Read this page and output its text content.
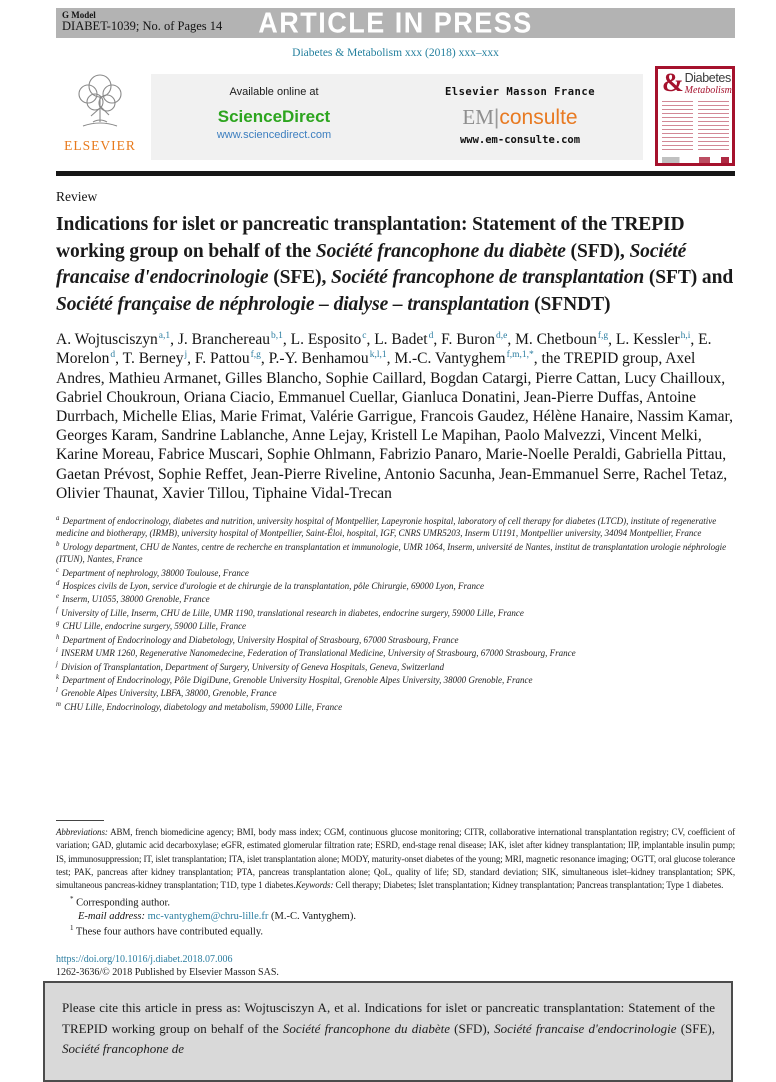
G Model
DIABET-1039; No. of Pages 14	ARTICLE IN PRESS
Diabetes & Metabolism xxx (2018) xxx–xxx
ELSEVIER
Available online at
ScienceDirect
www.sciencedirect.com
Elsevier Masson France
EM|consulte
www.em-consulte.com
& Diabetes
Metabolism
Review
Indications for islet or pancreatic transplantation: Statement of the TREPID working group on behalf of the Société francophone du diabète (SFD), Société francaise d'endocrinologie (SFE), Société francophone de transplantation (SFT) and Société française de néphrologie – dialyse – transplantation (SFNDT)
A. Wojtusciszyn$^{a,1}$, J. Branchereau$^{b,1}$, L. Esposito$^c$, L. Badet$^d$, F. Buron$^{d,e}$, M. Chetboun$^{f,g}$, L. Kessler$^{h,i}$, E. Morelon$^d$, T. Berney$^j$, F. Pattou$^{f,g}$, P.-Y. Benhamou$^{k,l,1}$, M.-C. Vantyghem$^{f,m,1,*}$, the TREPID group, Axel Andres, Mathieu Armanet, Gilles Blancho, Sophie Caillard, Bogdan Catargi, Pierre Cattan, Lucy Chailloux, Gabriel Choukroun, Oriana Ciacio, Emmanuel Cuellar, Gianluca Donatini, Jean-Pierre Duffas, Antoine Durrbach, Michelle Elias, Marie Frimat, Valérie Garrigue, Francois Gaudez, Hélène Hanaire, Nassim Kamar, Georges Karam, Sandrine Lablanche, Anne Lejay, Kristell Le Mapihan, Paolo Malvezzi, Vincent Melki, Karine Moreau, Fabrice Muscari, Sophie Ohlmann, Fabrizio Panaro, Marie-Noelle Peraldi, Gabriella Pittau, Gaetan Prévost, Sophie Reffet, Jean-Pierre Riveline, Antonio Sacunha, Jean-Emmanuel Serre, Rachel Tetaz, Olivier Thaunat, Xavier Tillou, Tiphaine Vidal-Trecan
$^a$ Department of endocrinology, diabetes and nutrition, university hospital of Montpellier, Lapeyronie hospital, laboratory of cell therapy for diabetes (LTCD), institute of regenerative medicine and biotherapy, (IRMB), university hospital of Montpellier, Saint-Éloi, hospital, IGF, CNRS UMR5203, Inserm U1191, Montpellier university, 34094 Montpellier, France
$^b$ Urology department, CHU de Nantes, centre de recherche en transplantation et immunologie, UMR 1064, Inserm, université de Nantes, institut de transplantation urologie néphrologie (ITUN), Nantes, France
$^c$ Department of nephrology, 38000 Toulouse, France
$^d$ Hospices civils de Lyon, service d'urologie et de chirurgie de la transplantation, pôle Chirurgie, 69000 Lyon, France
$^e$ Inserm, U1055, 38000 Grenoble, France
$^f$ University of Lille, Inserm, CHU de Lille, UMR 1190, translational research in diabetes, endocrine surgery, 59000 Lille, France
$^g$ CHU Lille, endocrine surgery, 59000 Lille, France
$^h$ Department of Endocrinology and Diabetology, University Hospital of Strasbourg, 67000 Strasbourg, France
$^i$ INSERM UMR 1260, Regenerative Nanomedecine, Federation of Translational Medicine, University of Strasbourg, 67000 Strasbourg, France
$^j$ Division of Transplantation, Department of Surgery, University of Geneva Hospitals, Geneva, Switzerland
$^k$ Department of Endocrinology, Pôle DigiDune, Grenoble University Hospital, Grenoble Alpes University, 38000 Grenoble, France
$^l$ Grenoble Alpes University, LBFA, 38000, Grenoble, France
$^m$ CHU Lille, Endocrinology, diabetology and metabolism, 59000 Lille, France
Abbreviations: ABM, french biomedicine agency; BMI, body mass index; CGM, continuous glucose monitoring; CITR, collaborative international transplantation registry; CV, coefficient of variation; GAD, glutamic acid decarboxylase; eGFR, estimated glomerular filtration rate; ESRD, end-stage renal disease; IAK, islet after kidney transplantation; IIP, implantable insulin pump; IS, immunosuppression; IT, islet transplantation; ITA, islet transplantation alone; MODY, maturity-onset diabetes of the young; MRI, magnetic resonance imaging; OGTT, oral glucose tolerance test; PAK, pancreas after kidney transplantation; PTA, pancreas transplantation alone; QoL, quality of life; SD, standard deviation; SIK, simultaneous islet–kidney transplantation; SPK, simultaneous pancreas-kidney transplantation; T1D, type 1 diabetes.Keywords: Cell therapy; Diabetes; Islet transplantation; Kidney transplantation; Pancreas transplantation; Type 1 diabetes.
* Corresponding author.
E-mail address: mc-vantyghem@chru-lille.fr (M.-C. Vantyghem).
$^1$ These four authors have contributed equally.
https://doi.org/10.1016/j.diabet.2018.07.006
1262-3636/© 2018 Published by Elsevier Masson SAS.
Please cite this article in press as: Wojtusciszyn A, et al. Indications for islet or pancreatic transplantation: Statement of the TREPID working group on behalf of the Société francophone du diabète (SFD), Société francaise d'endocrinologie (SFE), Société francophone de
